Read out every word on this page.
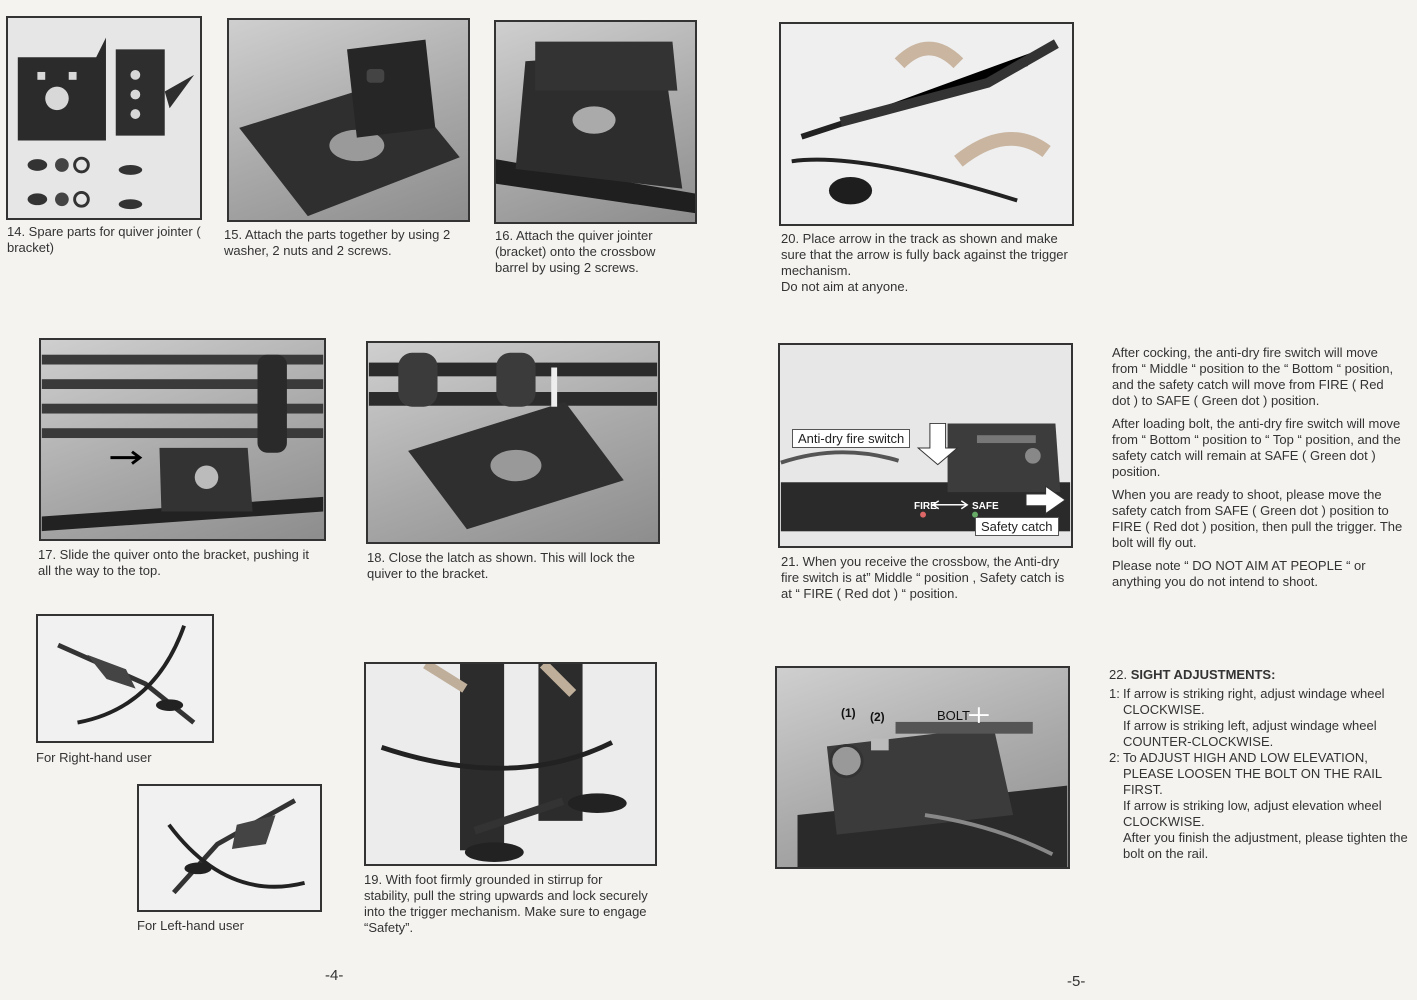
14. Spare parts for quiver jointer ( bracket)
15. Attach the parts together by using 2 washer, 2 nuts and 2 screws.
16. Attach the quiver jointer (bracket) onto the crossbow barrel by using 2 screws.
17. Slide the quiver onto the bracket, pushing it all the way to the top.
18. Close the latch as shown. This will lock the quiver to the bracket.
For Right-hand user
For Left-hand user
19. With foot firmly grounded in stirrup for stability, pull the string upwards and lock securely into the trigger mechanism. Make sure to engage “Safety”.
-4-
20. Place arrow in the track as shown and make sure that the arrow is fully back against the trigger mechanism.
Do not aim at anyone.
Anti-dry fire switch
FIRE	SAFE
Safety catch
21. When you receive the crossbow, the Anti-dry fire switch is at” Middle “ position , Safety catch is at “ FIRE ( Red dot ) “ position.
(1) (2)	BOLT

After cocking, the anti-dry fire switch will move from “ Middle “ position to the “ Bottom “ position, and the safety catch will move from FIRE ( Red dot ) to SAFE ( Green dot ) position.

After loading bolt, the anti-dry fire switch will move from “ Bottom “ position to “ Top “ position, and the safety catch will remain at SAFE ( Green dot ) position.

When you are ready to shoot, please move the safety catch from SAFE ( Green dot ) position to FIRE ( Red dot ) position, then pull the trigger. The bolt will fly out.

Please note “ DO NOT AIM AT PEOPLE “ or anything you do not intend to shoot.

22. SIGHT ADJUSTMENTS:
1: If arrow is striking right, adjust windage wheel CLOCKWISE.
If arrow is striking left, adjust windage wheel COUNTER-CLOCKWISE.
2: To ADJUST HIGH AND LOW ELEVATION, PLEASE LOOSEN THE BOLT ON THE RAIL FIRST.
If arrow is striking low, adjust elevation wheel CLOCKWISE.
After you finish the adjustment, please tighten the bolt on the rail.
-5-
